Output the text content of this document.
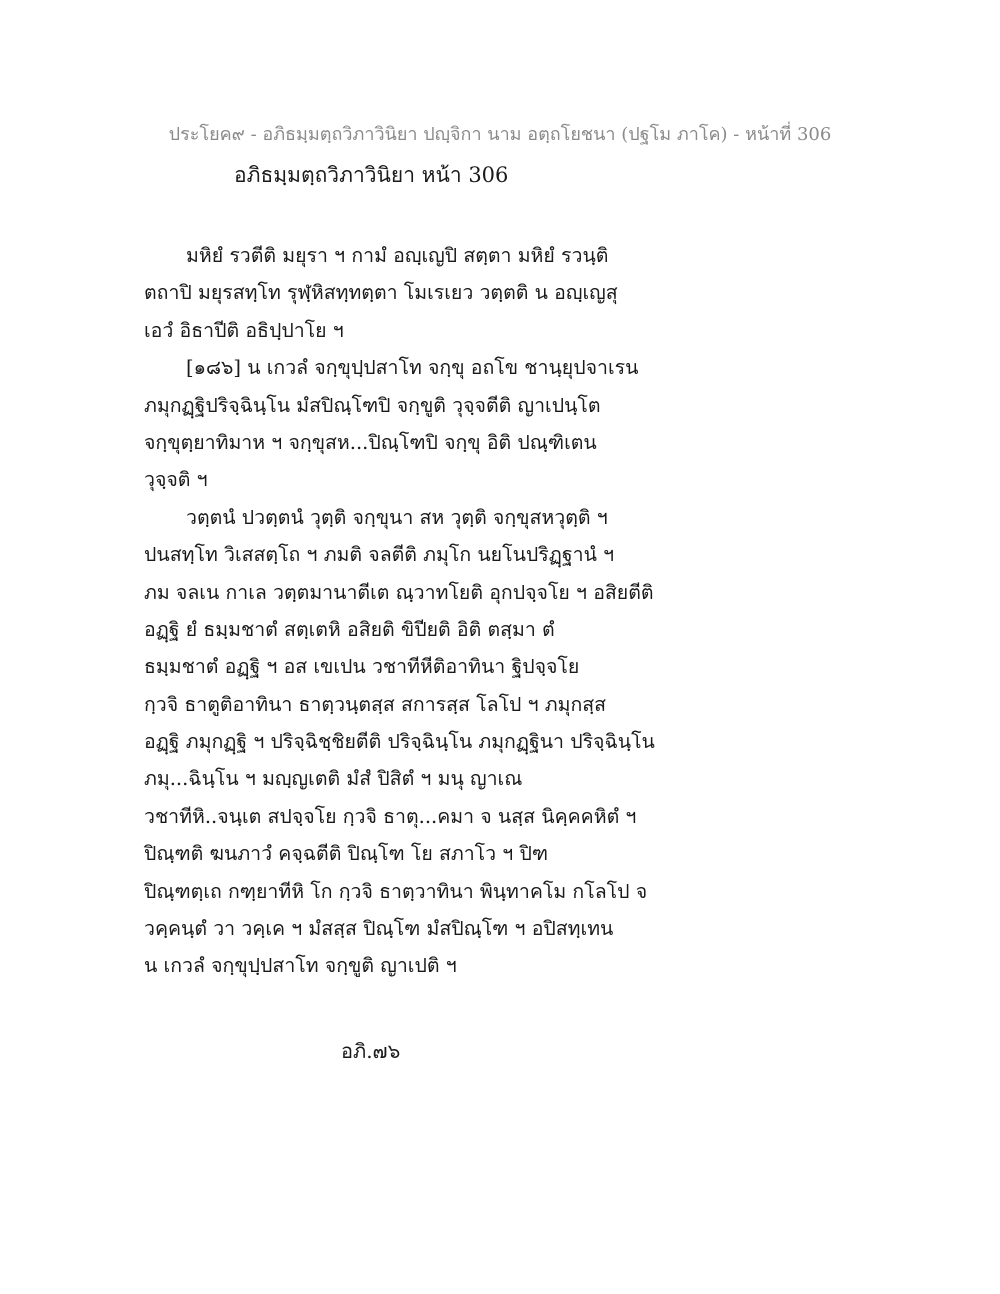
ประโยค๙ - อภิธมฺมตฺถวิภาวินิยา ปญฺจิกา นาม อตฺถโยชนา (ปฐโม ภาโค) - หน้าที่ 306
อภิธมฺมตฺถวิภาวินิยา หน้า 306
มหิยํ รวตีติ มยุรา ฯ กามํ อญฺเญปิ สตฺตา มหิยํ รวนฺติ
ตถาปิ มยุรสทฺโท รุฬฺหิสทฺทตฺตา โมเรเยว วตฺตติ น อญฺเญสุ
เอวํ อิธาปีติ อธิปฺปาโย ฯ
[๑๘๖] น เกวลํ จกฺขุปฺปสาโท จกฺขุ อถโข ชานฺยุปจาเรน
ภมุกฏฺฐิปริจฺฉินฺโน มํสปิณฺโฑปิ จกฺขูติ วุจฺจตีติ ญาเปนฺโต
จกฺขุตฺยาทิมาห ฯ จกฺขุสห...ปิณฺโฑปิ จกฺขุ อิติ ปณฺฑิเตน
วุจฺจติ ฯ
วตฺตนํ ปวตฺตนํ วุตฺติ จกฺขุนา สห วุตฺติ จกฺขุสหวุตฺติ ฯ
ปนสทฺโท วิเสสตฺโถ ฯ ภมติ จลตีติ ภมุโก นยโนปริฏฺฐานํ ฯ
ภม จลเน กาเล วตฺตมานาตีเต ณฺวาทโยติ อุกปจฺจโย ฯ อสิยตีติ
อฏฺฐิ ยํ ธมฺมชาตํ สตฺเตหิ อสิยติ ขิปียติ อิติ ตสฺมา ตํ
ธมฺมชาตํ อฏฺฐิ ฯ อส เขเปน วชาทีหีติอาทินา ฐิปจฺจโย
กฺวจิ ธาตูติอาทินา ธาตฺวนฺตสฺส สการสฺส โลโป ฯ ภมุกสฺส
อฏฺฐิ ภมุกฏฺฐิ ฯ ปริจฺฉิชฺชิยตีติ ปริจฺฉินฺโน ภมุกฏฺฐินา ปริจฺฉินฺโน
ภมุ...ฉินฺโน ฯ มญฺญเตติ มํสํ ปิสิตํ ฯ มนุ ญาเณ
วชาทีหิ..จนฺเต สปจฺจโย กฺวจิ ธาตุ...คมา จ นสฺส นิคฺคคหิตํ ฯ
ปิณฺฑติ ฆนภาวํ คจฺฉตีติ ปิณฺโฑ โย สภาโว ฯ ปิฑ
ปิณฺฑตฺเถ กฑฺยาทีหิ โก กฺวจิ ธาตฺวาทินา พินฺทาคโม กโลโป จ
วคฺคนฺตํ วา วคฺเค ฯ มํสสฺส ปิณฺโฑ มํสปิณฺโฑ ฯ อปิสทฺเทน
น เกวลํ จกฺขุปฺปสาโท จกฺขูติ ญาเปติ ฯ
อภิ.๗๖
